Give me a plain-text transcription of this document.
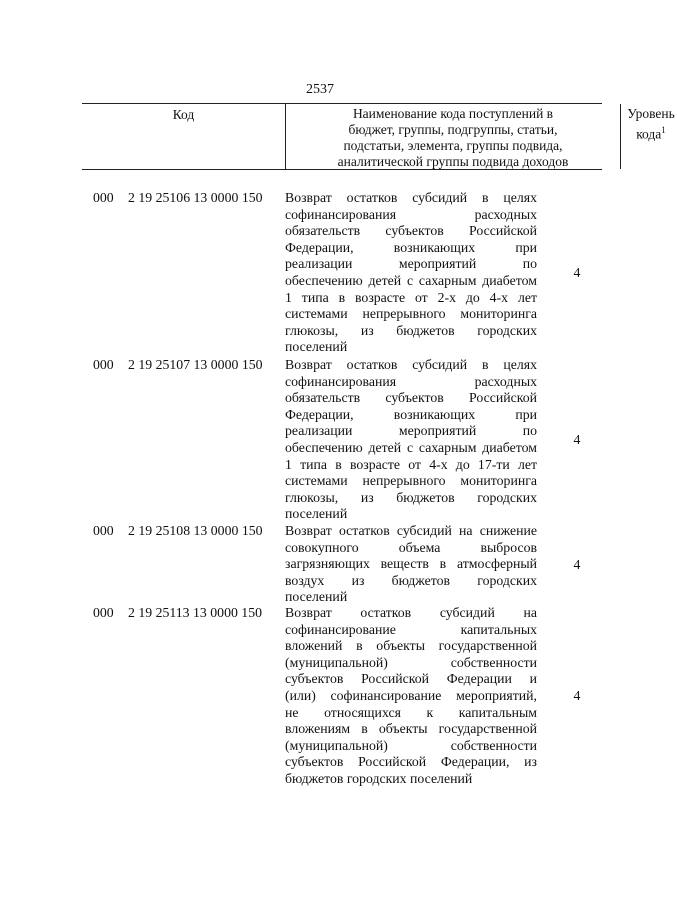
2537
Код	Наименование кода поступлений в
бюджет, группы, подгруппы, статьи,
подстатьи, элемента, группы подвида,
аналитической группы подвида доходов
Уровень
кода$^1$
000 2 19 25106 13 0000 150 Возврат остатков субсидий в целях
софинансирования расходных
обязательств субъектов Российской
Федерации, возникающих при
реализации мероприятий по
обеспечению детей с сахарным диабетом
1 типа в возрасте от 2-х до 4-х лет
системами непрерывного мониторинга
глюкозы, из бюджетов городских
поселений
4
000 2 19 25107 13 0000 150 Возврат остатков субсидий в целях
софинансирования расходных
обязательств субъектов Российской
Федерации, возникающих при
реализации мероприятий по
обеспечению детей с сахарным диабетом
1 типа в возрасте от 4-х до 17-ти лет
системами непрерывного мониторинга
глюкозы, из бюджетов городских
поселений
4
000 2 19 25108 13 0000 150 Возврат остатков субсидий на снижение
совокупного объема выбросов
загрязняющих веществ в атмосферный
воздух из бюджетов городских
поселений
4
000 2 19 25113 13 0000 150 Возврат остатков субсидий на
софинансирование капитальных
вложений в объекты государственной
(муниципальной) собственности
субъектов Российской Федерации и
(или) софинансирование мероприятий,
не относящихся к капитальным
вложениям в объекты государственной
(муниципальной) собственности
субъектов Российской Федерации, из
бюджетов городских поселений
4
